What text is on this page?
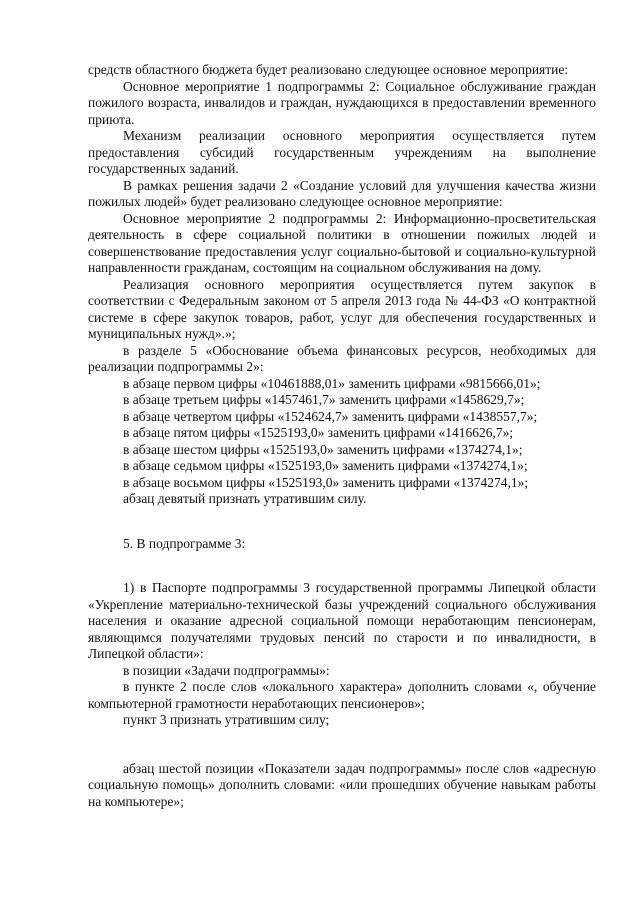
средств областного бюджета будет реализовано следующее основное мероприятие:

Основное мероприятие 1 подпрограммы 2: Социальное обслуживание граждан пожилого возраста, инвалидов и граждан, нуждающихся в предоставлении временного приюта.

Механизм реализации основного мероприятия осуществляется путем предоставления субсидий государственным учреждениям на выполнение государственных заданий.

В рамках решения задачи 2 «Создание условий для улучшения качества жизни пожилых людей» будет реализовано следующее основное мероприятие:

Основное мероприятие 2 подпрограммы 2: Информационно-просветительская деятельность в сфере социальной политики в отношении пожилых людей и совершенствование предоставления услуг социально-бытовой и социально-культурной направленности гражданам, состоящим на социальном обслуживания на дому.

Реализация основного мероприятия осуществляется путем закупок в соответствии с Федеральным законом от 5 апреля 2013 года № 44-ФЗ «О контрактной системе в сфере закупок товаров, работ, услуг для обеспечения государственных и муниципальных нужд».»;

в разделе 5 «Обоснование объема финансовых ресурсов, необходимых для реализации подпрограммы 2»:

в абзаце первом цифры «10461888,01» заменить цифрами «9815666,01»;

в абзаце третьем цифры «1457461,7» заменить цифрами «1458629,7»;

в абзаце четвертом цифры «1524624,7» заменить цифрами «1438557,7»;

в абзаце пятом цифры «1525193,0» заменить цифрами «1416626,7»;

в абзаце шестом цифры «1525193,0» заменить цифрами «1374274,1»;

в абзаце седьмом цифры «1525193,0» заменить цифрами «1374274,1»;

в абзаце восьмом цифры «1525193,0» заменить цифрами «1374274,1»;

абзац девятый признать утратившим силу.

5. В подпрограмме 3:

1) в Паспорте подпрограммы 3 государственной программы Липецкой области «Укрепление материально-технической базы учреждений социального обслуживания населения и оказание адресной социальной помощи неработающим пенсионерам, являющимся получателями трудовых пенсий по старости и по инвалидности, в Липецкой области»:

в позиции «Задачи подпрограммы»:

в пункте 2 после слов «локального характера» дополнить словами «, обучение компьютерной грамотности неработающих пенсионеров»;

пункт 3 признать утратившим силу;

абзац шестой позиции «Показатели задач подпрограммы» после слов «адресную социальную помощь» дополнить словами: «или прошедших обучение навыкам работы на компьютере»;
